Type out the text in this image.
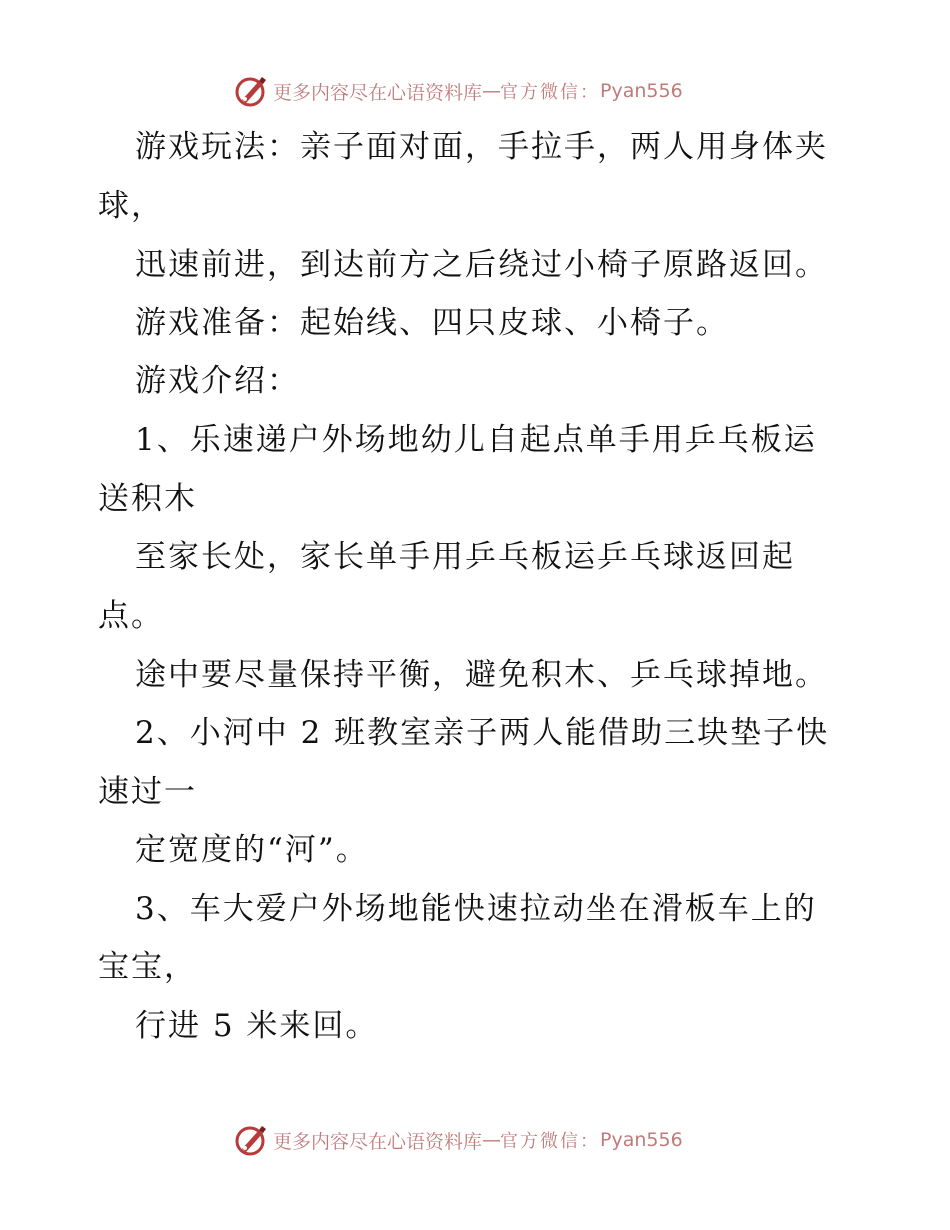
更多内容尽在心语资料库 — 官方微信： Pyan556
游戏玩法：亲子面对面，手拉手，两人用身体夹
球，
迅速前进，到达前方之后绕过小椅子原路返回。
游戏准备：起始线、四只皮球、小椅子。
游戏介绍：
1、乐速递户外场地幼儿自起点单手用乒乓板运
送积木
至家长处，家长单手用乒乓板运乒乓球返回起
点。
途中要尽量保持平衡，避免积木、乒乓球掉地。
2、小河中 2 班教室亲子两人能借助三块垫子快
速过一
定宽度的“河”。
3、车大爱户外场地能快速拉动坐在滑板车上的
宝宝，
行进 5 米来回。
更多内容尽在心语资料库 — 官方微信： Pyan556
